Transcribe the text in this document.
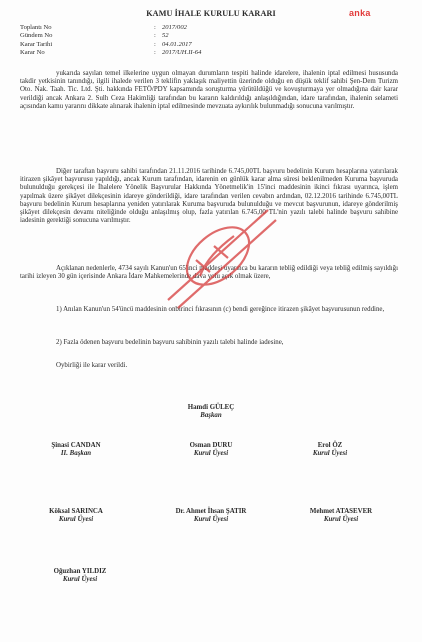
KAMU İHALE KURULU KARARI	anka
Toplantı No	: 2017/002
Gündem No	: 52
Karar Tarihi	: 04.01.2017
Karar No	: 2017/UH.II-64
yukarıda sayılan temel ilkelerine uygun olmayan durumların tespiti halinde idarelere, ihalenin iptal edilmesi hususunda takdir yetkisinin tanındığı, ilgili ihalede verilen 3 teklifin yaklaşık maliyettin üzerinde olduğu en düşük teklif sahibi Şen-Dem Turizm Oto. Nak. Taah. Tic. Ltd. Şti. hakkında FETÖ/PDY kapsamında soruşturma yürütüldüğü ve kovuşturmaya yer olmadığına dair karar verildiği ancak Ankara 2. Sulh Ceza Hakimliği tarafından bu kararın kaldırıldığı anlaşıldığından, idare tarafından, ihalenin selameti açısından kamu yararını dikkate alınarak ihalenin iptal edilmesinde mevzuata aykırılık bulunmadığı sonucuna varılmıştır.
Diğer taraftan başvuru sahibi tarafından 21.11.2016 tarihinde 6.745,00TL başvuru bedelinin Kurum hesaplarına yatırılarak itirazen şikâyet başvurusu yapıldığı, ancak Kurum tarafından, idarenin en günlük karar alma süresi beklenilmeden Kuruma başvuruda bulunulduğu gerekçesi ile İhalelere Yönelik Başvurular Hakkında Yönetmelik'in 15'inci maddesinin ikinci fıkrası uyarınca, işlem yapılmak üzere şikâyet dilekçesinin idareye gönderildiği, idare tarafından verilen cevabın ardından, 02.12.2016 tarihinde 6.745,00TL başvuru bedelinin Kurum hesaplarına yeniden yatırılarak Kuruma başvuruda bulunulduğu ve mevcut başvurunun, idareye gönderilmiş şikâyet dilekçesin devamı niteliğinde olduğu anlaşılmış olup, fazla yatırılan 6.745,00 TL'nin yazılı talebi halinde başvuru sahibine iadesinin gerektiği sonucuna varılmıştır.
Açıklanan nedenlerle, 4734 sayılı Kanun'un 65'inci maddesi uyarınca bu kararın tebliğ edildiği veya tebliğ edilmiş sayıldığı tarihi izleyen 30 gün içerisinde Ankara İdare Mahkemelerinde dava yolu açık olmak üzere,
1) Anılan Kanun'un 54'üncü maddesinin onbirinci fıkrasının (c) bendi gereğince itirazen şikâyet başvurusunun reddine,
2) Fazla ödenen başvuru bedelinin başvuru sahibinin yazılı talebi halinde iadesine,
Oybirliği ile karar verildi.
Hamdi GÜLEÇ
Başkan
Şinasi CANDAN
II. Başkan
Osman DURU
Kurul Üyesi
Erol ÖZ
Kurul Üyesi
Köksal SARINCA
Kurul Üyesi
Dr. Ahmet İhsan ŞATIR
Kurul Üyesi
Mehmet ATASEVER
Kurul Üyesi
Oğuzhan YILDIZ
Kurul Üyesi
